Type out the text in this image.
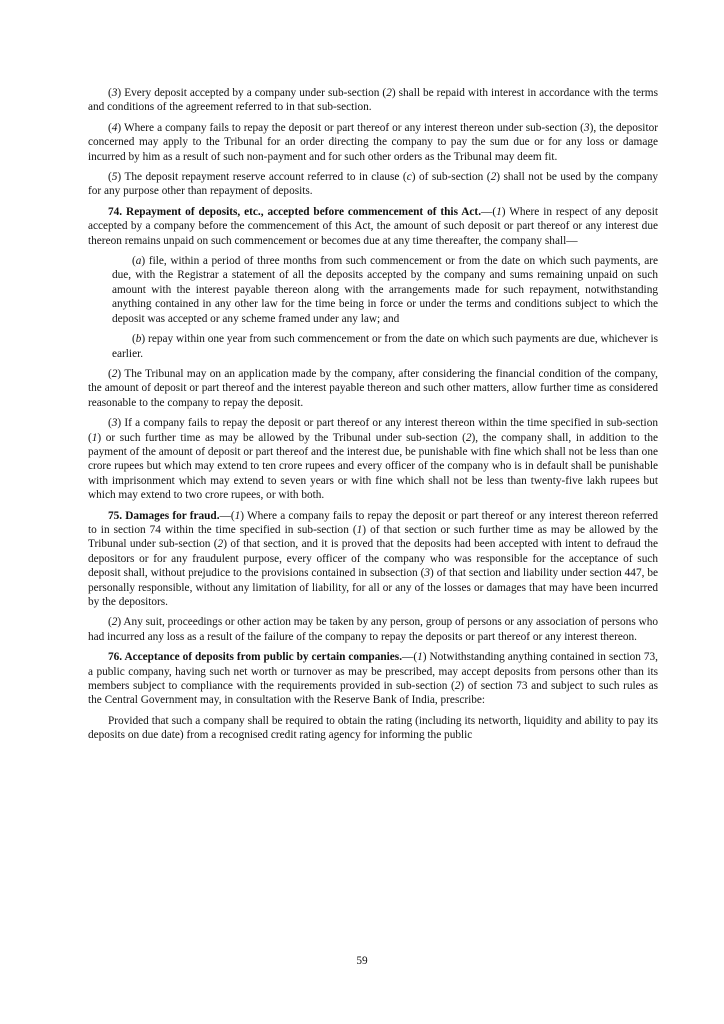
(3) Every deposit accepted by a company under sub-section (2) shall be repaid with interest in accordance with the terms and conditions of the agreement referred to in that sub-section.

(4) Where a company fails to repay the deposit or part thereof or any interest thereon under sub-section (3), the depositor concerned may apply to the Tribunal for an order directing the company to pay the sum due or for any loss or damage incurred by him as a result of such non-payment and for such other orders as the Tribunal may deem fit.

(5) The deposit repayment reserve account referred to in clause (c) of sub-section (2) shall not be used by the company for any purpose other than repayment of deposits.

74. Repayment of deposits, etc., accepted before commencement of this Act.—(1) Where in respect of any deposit accepted by a company before the commencement of this Act, the amount of such deposit or part thereof or any interest due thereon remains unpaid on such commencement or becomes due at any time thereafter, the company shall—

(a) file, within a period of three months from such commencement or from the date on which such payments, are due, with the Registrar a statement of all the deposits accepted by the company and sums remaining unpaid on such amount with the interest payable thereon along with the arrangements made for such repayment, notwithstanding anything contained in any other law for the time being in force or under the terms and conditions subject to which the deposit was accepted or any scheme framed under any law; and

(b) repay within one year from such commencement or from the date on which such payments are due, whichever is earlier.

(2) The Tribunal may on an application made by the company, after considering the financial condition of the company, the amount of deposit or part thereof and the interest payable thereon and such other matters, allow further time as considered reasonable to the company to repay the deposit.

(3) If a company fails to repay the deposit or part thereof or any interest thereon within the time specified in sub-section (1) or such further time as may be allowed by the Tribunal under sub-section (2), the company shall, in addition to the payment of the amount of deposit or part thereof and the interest due, be punishable with fine which shall not be less than one crore rupees but which may extend to ten crore rupees and every officer of the company who is in default shall be punishable with imprisonment which may extend to seven years or with fine which shall not be less than twenty-five lakh rupees but which may extend to two crore rupees, or with both.

75. Damages for fraud.—(1) Where a company fails to repay the deposit or part thereof or any interest thereon referred to in section 74 within the time specified in sub-section (1) of that section or such further time as may be allowed by the Tribunal under sub-section (2) of that section, and it is proved that the deposits had been accepted with intent to defraud the depositors or for any fraudulent purpose, every officer of the company who was responsible for the acceptance of such deposit shall, without prejudice to the provisions contained in subsection (3) of that section and liability under section 447, be personally responsible, without any limitation of liability, for all or any of the losses or damages that may have been incurred by the depositors.

(2) Any suit, proceedings or other action may be taken by any person, group of persons or any association of persons who had incurred any loss as a result of the failure of the company to repay the deposits or part thereof or any interest thereon.

76. Acceptance of deposits from public by certain companies.—(1) Notwithstanding anything contained in section 73, a public company, having such net worth or turnover as may be prescribed, may accept deposits from persons other than its members subject to compliance with the requirements provided in sub-section (2) of section 73 and subject to such rules as the Central Government may, in consultation with the Reserve Bank of India, prescribe:

Provided that such a company shall be required to obtain the rating (including its networth, liquidity and ability to pay its deposits on due date) from a recognised credit rating agency for informing the public

59
